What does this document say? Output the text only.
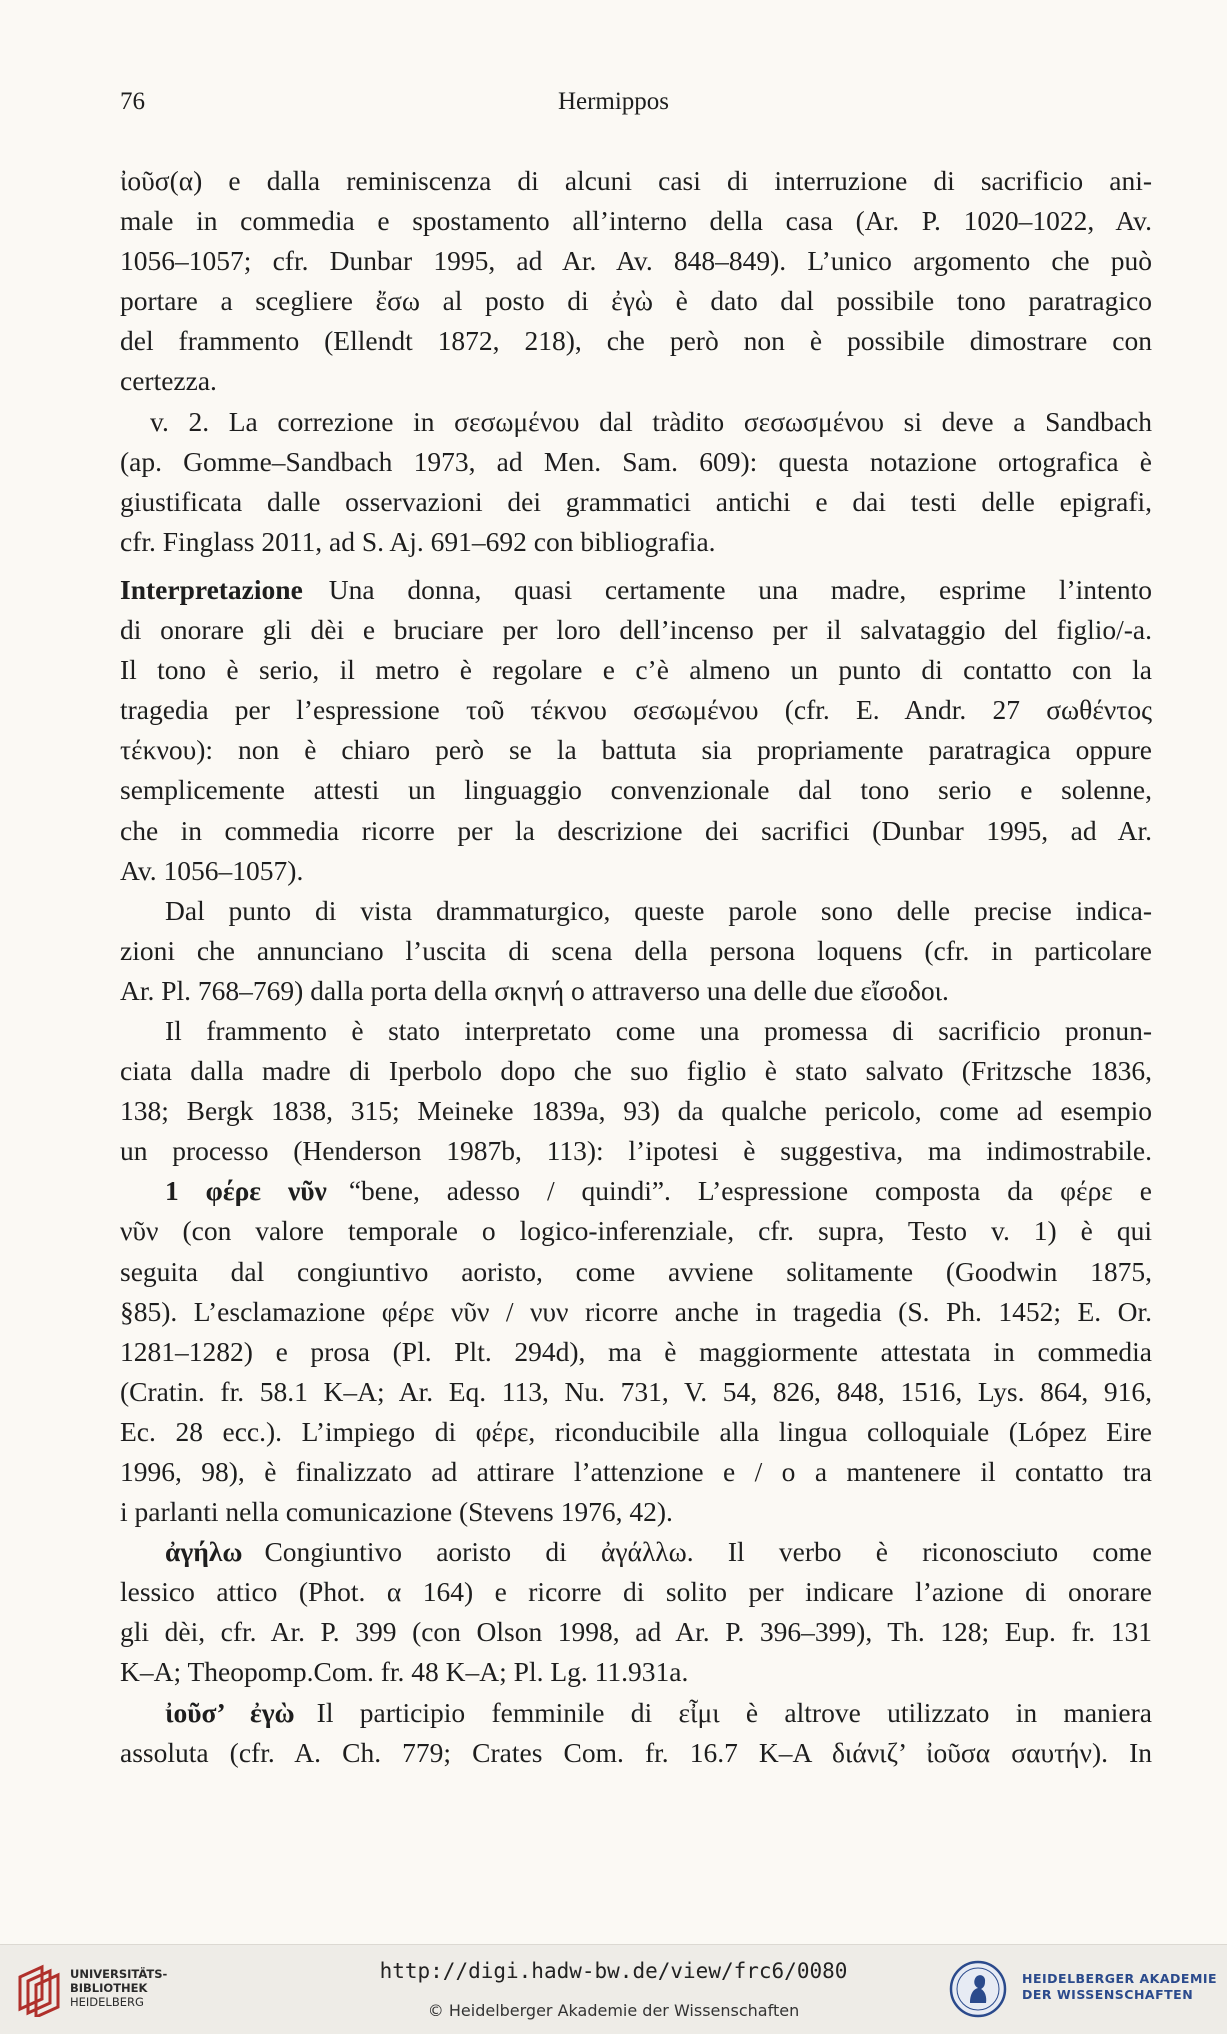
76	Hermippos
ἰοῦσ(α) e dalla reminiscenza di alcuni casi di interruzione di sacrificio ani-
male in commedia e spostamento all’interno della casa (Ar. P. 1020–1022, Av.
1056–1057; cfr. Dunbar 1995, ad Ar. Av. 848–849). L’unico argomento che può
portare a scegliere ἔσω al posto di ἐγὼ è dato dal possibile tono paratragico
del frammento (Ellendt 1872, 218), che però non è possibile dimostrare con
certezza.
v. 2. La correzione in σεσωμένου dal tràdito σεσωσμένου si deve a Sandbach
(ap. Gomme–Sandbach 1973, ad Men. Sam. 609): questa notazione ortografica è
giustificata dalle osservazioni dei grammatici antichi e dai testi delle epigrafi,
cfr. Finglass 2011, ad S. Aj. 691–692 con bibliografia.
Interpretazione Una donna, quasi certamente una madre, esprime l’intento
di onorare gli dèi e bruciare per loro dell’incenso per il salvataggio del figlio/-a.
Il tono è serio, il metro è regolare e c’è almeno un punto di contatto con la
tragedia per l’espressione τοῦ τέκνου σεσωμένου (cfr. E. Andr. 27 σωθέντος
τέκνου): non è chiaro però se la battuta sia propriamente paratragica oppure
semplicemente attesti un linguaggio convenzionale dal tono serio e solenne,
che in commedia ricorre per la descrizione dei sacrifici (Dunbar 1995, ad Ar.
Av. 1056–1057).
Dal punto di vista drammaturgico, queste parole sono delle precise indica-
zioni che annunciano l’uscita di scena della persona loquens (cfr. in particolare
Ar. Pl. 768–769) dalla porta della σκηνή o attraverso una delle due εἴσοδοι.
Il frammento è stato interpretato come una promessa di sacrificio pronun-
ciata dalla madre di Iperbolo dopo che suo figlio è stato salvato (Fritzsche 1836,
138; Bergk 1838, 315; Meineke 1839a, 93) da qualche pericolo, come ad esempio
un processo (Henderson 1987b, 113): l’ipotesi è suggestiva, ma indimostrabile.
1 φέρε νῦν “bene, adesso / quindi”. L’espressione composta da φέρε e
νῦν (con valore temporale o logico-inferenziale, cfr. supra, Testo v. 1) è qui
seguita dal congiuntivo aoristo, come avviene solitamente (Goodwin 1875,
§85). L’esclamazione φέρε νῦν / νυν ricorre anche in tragedia (S. Ph. 1452; E. Or.
1281–1282) e prosa (Pl. Plt. 294d), ma è maggiormente attestata in commedia
(Cratin. fr. 58.1 K–A; Ar. Eq. 113, Nu. 731, V. 54, 826, 848, 1516, Lys. 864, 916,
Ec. 28 ecc.). L’impiego di φέρε, riconducibile alla lingua colloquiale (López Eire
1996, 98), è finalizzato ad attirare l’attenzione e / o a mantenere il contatto tra
i parlanti nella comunicazione (Stevens 1976, 42).
ἀγήλω Congiuntivo aoristo di ἀγάλλω. Il verbo è riconosciuto come
lessico attico (Phot. α 164) e ricorre di solito per indicare l’azione di onorare
gli dèi, cfr. Ar. P. 399 (con Olson 1998, ad Ar. P. 396–399), Th. 128; Eup. fr. 131
K–A; Theopomp.Com. fr. 48 K–A; Pl. Lg. 11.931a.
ἰοῦσ’ ἐγὼ Il participio femminile di εἶμι è altrove utilizzato in maniera
assoluta (cfr. A. Ch. 779; Crates Com. fr. 16.7 K–A διάνιζ’ ἰοῦσα σαυτήν). In
UNIVERSITÄTS-
BIBLIOTHEK
HEIDELBERG
http://digi.hadw-bw.de/view/frc6/0080
© Heidelberger Akademie der Wissenschaften
HEIDELBERGER AKADEMIE
DER WISSENSCHAFTEN
